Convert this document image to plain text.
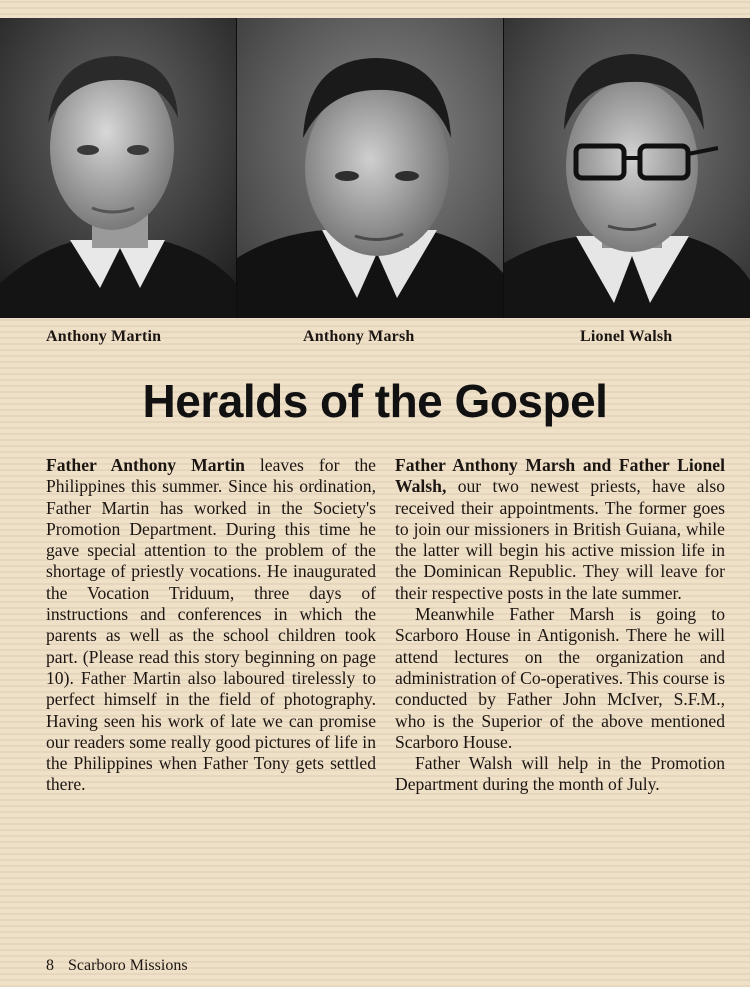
Anthony Martin	Anthony Marsh	Lionel Walsh
Heralds of the Gospel

Father Anthony Martin leaves for the Philippines this summer. Since his ordination, Father Martin has worked in the Society's Promotion Department. During this time he gave special attention to the problem of the shortage of priestly vocations. He inaugurated the Vocation Triduum, three days of instructions and conferences in which the parents as well as the school children took part. (Please read this story beginning on page 10). Father Martin also laboured tirelessly to perfect himself in the field of photography. Having seen his work of late we can promise our readers some really good pictures of life in the Philippines when Father Tony gets settled there.

Father Anthony Marsh and Father Lionel Walsh, our two newest priests, have also received their appointments. The former goes to join our missioners in British Guiana, while the latter will begin his active mission life in the Dominican Republic. They will leave for their respective posts in the late summer.

Meanwhile Father Marsh is going to Scarboro House in Antigonish. There he will attend lectures on the organization and administration of Co-operatives. This course is conducted by Father John McIver, S.F.M., who is the Superior of the above mentioned Scarboro House.

Father Walsh will help in the Promotion Department during the month of July.

8 Scarboro Missions
